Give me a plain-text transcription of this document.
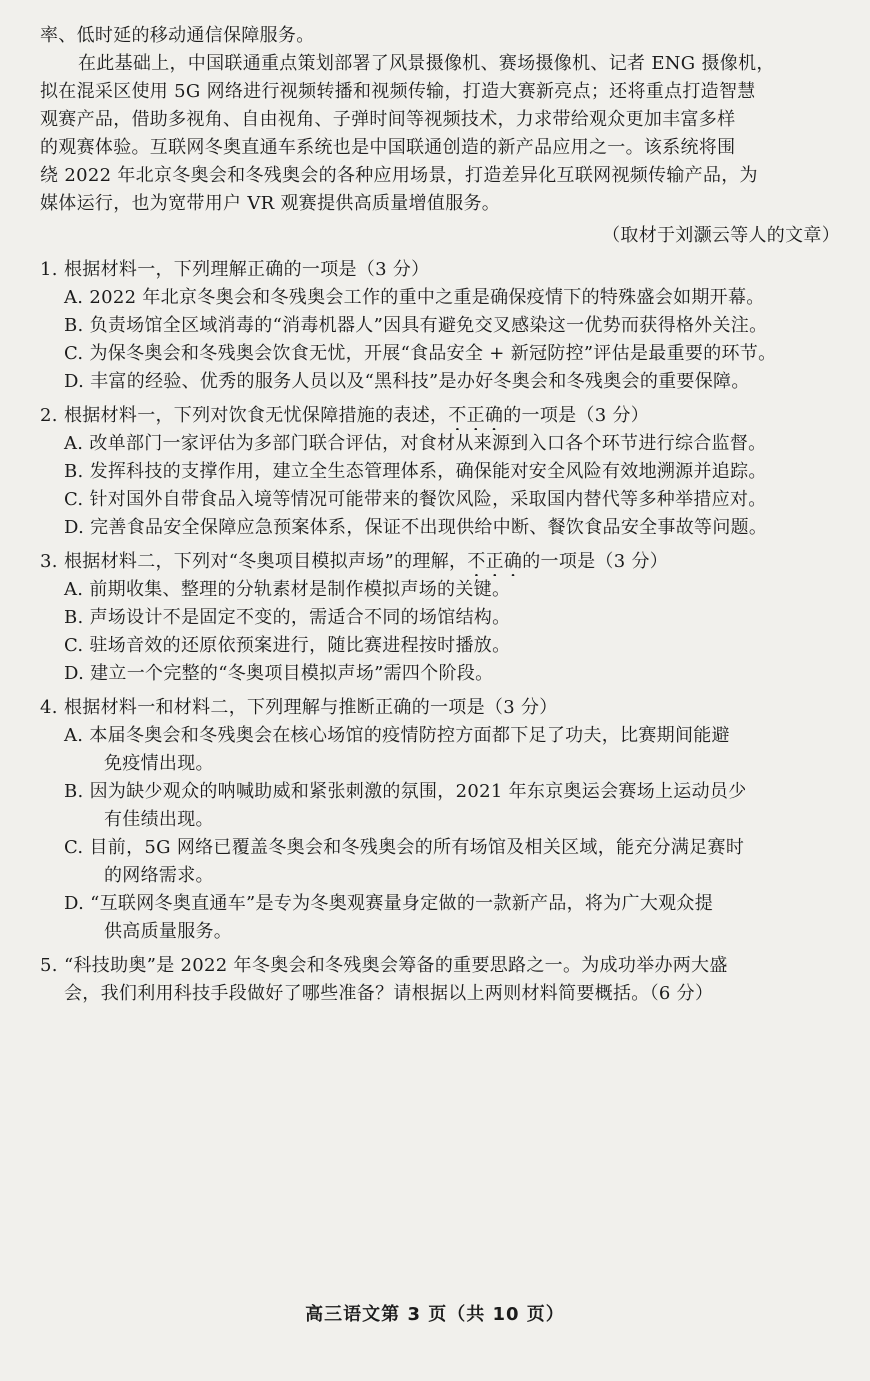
率、低时延的移动通信保障服务。
在此基础上，中国联通重点策划部署了风景摄像机、赛场摄像机、记者 ENG 摄像机，
拟在混采区使用 5G 网络进行视频转播和视频传输，打造大赛新亮点；还将重点打造智慧
观赛产品，借助多视角、自由视角、子弹时间等视频技术，力求带给观众更加丰富多样
的观赛体验。互联网冬奥直通车系统也是中国联通创造的新产品应用之一。该系统将围
绕 2022 年北京冬奥会和冬残奥会的各种应用场景，打造差异化互联网视频传输产品，为
媒体运行，也为宽带用户 VR 观赛提供高质量增值服务。
（取材于刘灏云等人的文章）
1. 根据材料一，下列理解正确的一项是（3 分）
A. 2022 年北京冬奥会和冬残奥会工作的重中之重是确保疫情下的特殊盛会如期开幕。
B. 负责场馆全区域消毒的“消毒机器人”因具有避免交叉感染这一优势而获得格外关注。
C. 为保冬奥会和冬残奥会饮食无忧，开展“食品安全 + 新冠防控”评估是最重要的环节。
D. 丰富的经验、优秀的服务人员以及“黑科技”是办好冬奥会和冬残奥会的重要保障。
2. 根据材料一，下列对饮食无忧保障措施的表述，不正确的一项是（3 分）
A. 改单部门一家评估为多部门联合评估，对食材从来源到入口各个环节进行综合监督。
B. 发挥科技的支撑作用，建立全生态管理体系，确保能对安全风险有效地溯源并追踪。
C. 针对国外自带食品入境等情况可能带来的餐饮风险，采取国内替代等多种举措应对。
D. 完善食品安全保障应急预案体系，保证不出现供给中断、餐饮食品安全事故等问题。
3. 根据材料二，下列对“冬奥项目模拟声场”的理解，不正确的一项是（3 分）
A. 前期收集、整理的分轨素材是制作模拟声场的关键。
B. 声场设计不是固定不变的，需适合不同的场馆结构。
C. 驻场音效的还原依预案进行，随比赛进程按时播放。
D. 建立一个完整的“冬奥项目模拟声场”需四个阶段。
4. 根据材料一和材料二，下列理解与推断正确的一项是（3 分）
A. 本届冬奥会和冬残奥会在核心场馆的疫情防控方面都下足了功夫，比赛期间能避
免疫情出现。
B. 因为缺少观众的呐喊助威和紧张刺激的氛围，2021 年东京奥运会赛场上运动员少
有佳绩出现。
C. 目前，5G 网络已覆盖冬奥会和冬残奥会的所有场馆及相关区域，能充分满足赛时
的网络需求。
D. “互联网冬奥直通车”是专为冬奥观赛量身定做的一款新产品，将为广大观众提
供高质量服务。
5. “科技助奥”是 2022 年冬奥会和冬残奥会筹备的重要思路之一。为成功举办两大盛
会，我们利用科技手段做好了哪些准备？请根据以上两则材料简要概括。（6 分）
高三语文第 3 页（共 10 页）
